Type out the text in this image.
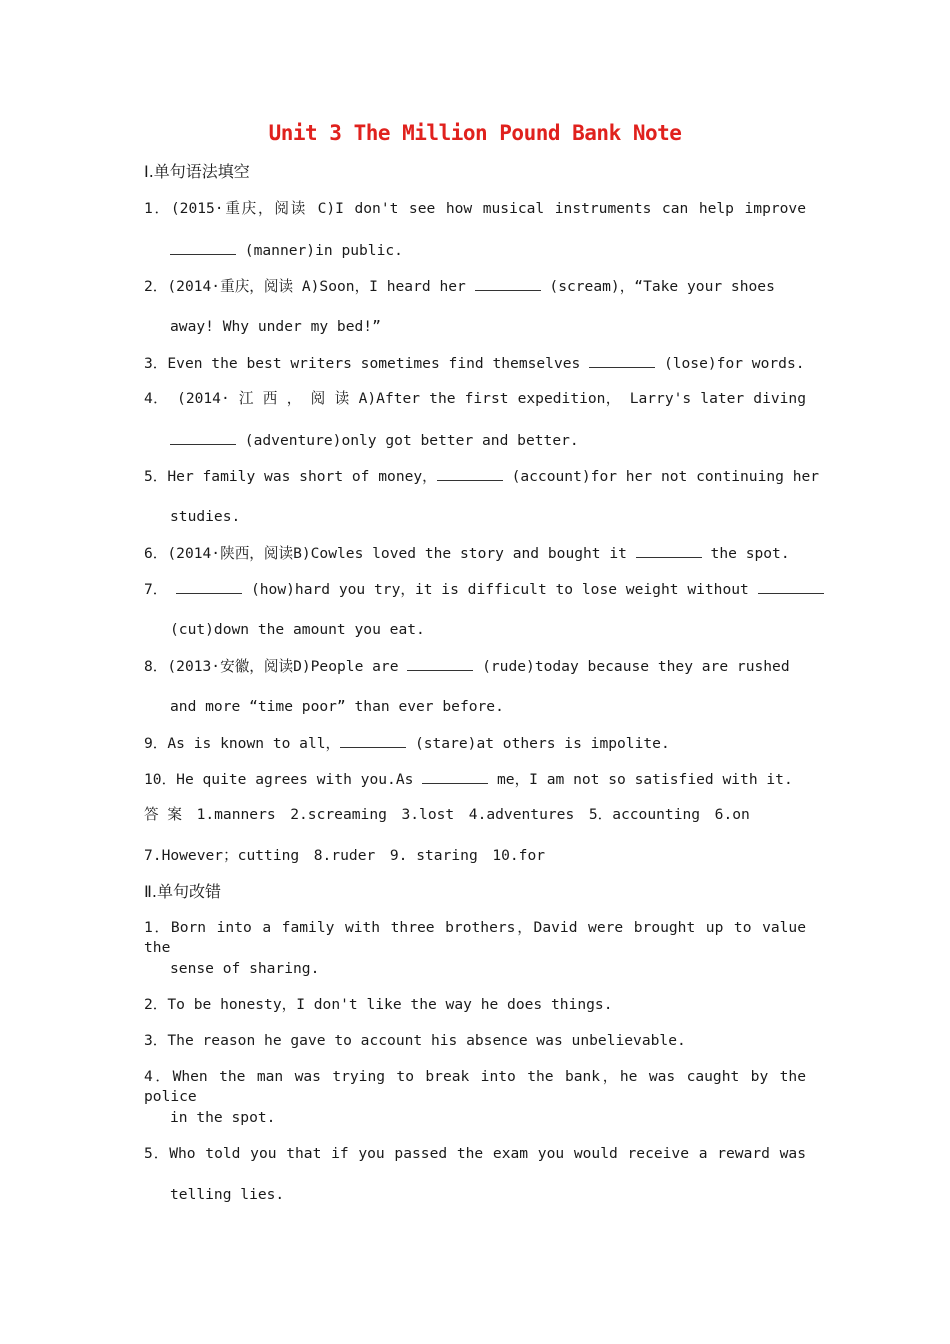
Unit 3 The Million Pound Bank Note
Ⅰ.单句语法填空
1．(2015·重庆，阅读 C)I don't see how musical instruments can help improve
(manner)in public.
2．(2014·重庆，阅读 A)Soon，I heard her	(scream)，“Take your shoes
away! Why under my bed!”
3．Even the best writers sometimes find themselves	(lose)for words.
4． (2014· 江 西 ， 阅 读 A)After the first expedition， Larry's later diving
(adventure)only got better and better.
5．Her family was short of money，	(account)for her not continuing her
studies.
6．(2014·陕西，阅读B)Cowles loved the story and bought it	the spot.
7．	(how)hard you try，it is difficult to lose weight without
(cut)down the amount you eat.
8．(2013·安徽，阅读D)People are	(rude)today because they are rushed
and more “time poor” than ever before.
9．As is known to all，	(stare)at others is impolite.
10．He quite agrees with you.As	me，I am not so satisfied with it.
答 案　1.manners　2.screaming　3.lost　4.adventures　5．accounting　6.on
7.However；cutting　8.ruder　9. staring　10.for
Ⅱ.单句改错
1．Born into a family with three brothers，David were brought up to value the
sense of sharing.
2．To be honesty，I don't like the way he does things.
3．The reason he gave to account his absence was unbelievable.
4．When the man was trying to break into the bank，he was caught by the police
in the spot.
5．Who told you that if you passed the exam you would receive a reward was
telling lies.
